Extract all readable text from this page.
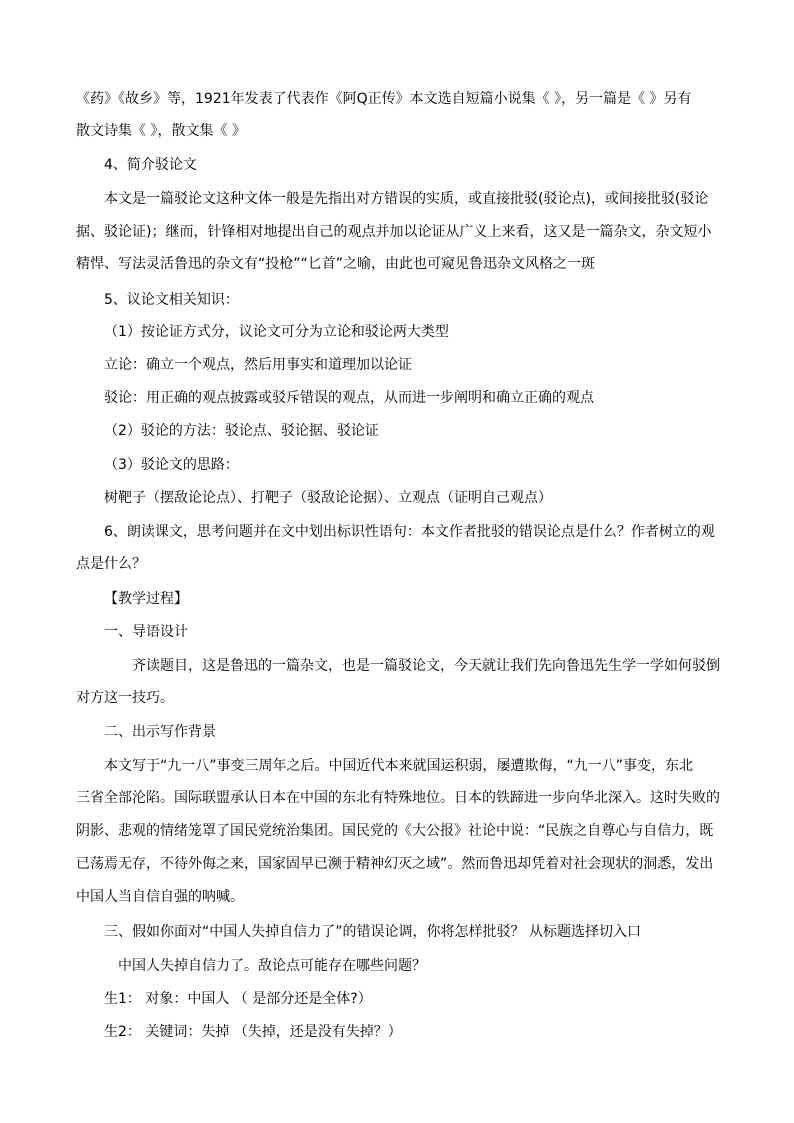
《药》《故乡》等，1921年发表了代表作《阿Q正传》本文选自短篇小说集《 》，另一篇是《 》另有
散文诗集《 》，散文集《 》
4、简介驳论文
本文是一篇驳论文这种文体一般是先指出对方错误的实质，或直接批驳(驳论点)，或间接批驳(驳论
据、驳论证)；继而，针锋相对地提出自己的观点并加以论证从广义上来看，这又是一篇杂文，杂文短小
精悍、写法灵活鲁迅的杂文有“投枪”“匕首”之喻，由此也可窥见鲁迅杂文风格之一斑
5、议论文相关知识：
（1）按论证方式分，议论文可分为立论和驳论两大类型
立论：确立一个观点，然后用事实和道理加以论证
驳论：用正确的观点披露或驳斥错误的观点，从而进一步阐明和确立正确的观点
（2）驳论的方法：驳论点、驳论据、驳论证
（3）驳论文的思路：
树靶子（摆敌论论点）、打靶子（驳敌论论据）、立观点（证明自己观点）
6、朗读课文，思考问题并在文中划出标识性语句：本文作者批驳的错误论点是什么？作者树立的观
点是什么？
【教学过程】
一、导语设计
齐读题目，这是鲁迅的一篇杂文，也是一篇驳论文，今天就让我们先向鲁迅先生学一学如何驳倒
对方这一技巧。
二、出示写作背景
本文写于“九一八”事变三周年之后。中国近代本来就国运积弱，屡遭欺侮，“九一八”事变，东北
三省全部沦陷。国际联盟承认日本在中国的东北有特殊地位。日本的铁蹄进一步向华北深入。这时失败的
阴影、悲观的情绪笼罩了国民党统治集团。国民党的《大公报》社论中说：“民族之自尊心与自信力，既
已荡焉无存，不待外侮之来，国家固早已濒于精神幻灭之域”。然而鲁迅却凭着对社会现状的洞悉，发出
中国人当自信自强的呐喊。
三、假如你面对“中国人失掉自信力了”的错误论调，你将怎样批驳？ 从标题选择切入口
中国人失掉自信力了。敌论点可能存在哪些问题？
生1： 对象：中国人 （ 是部分还是全体?）
生2： 关键词：失掉 （失掉，还是没有失掉？）
